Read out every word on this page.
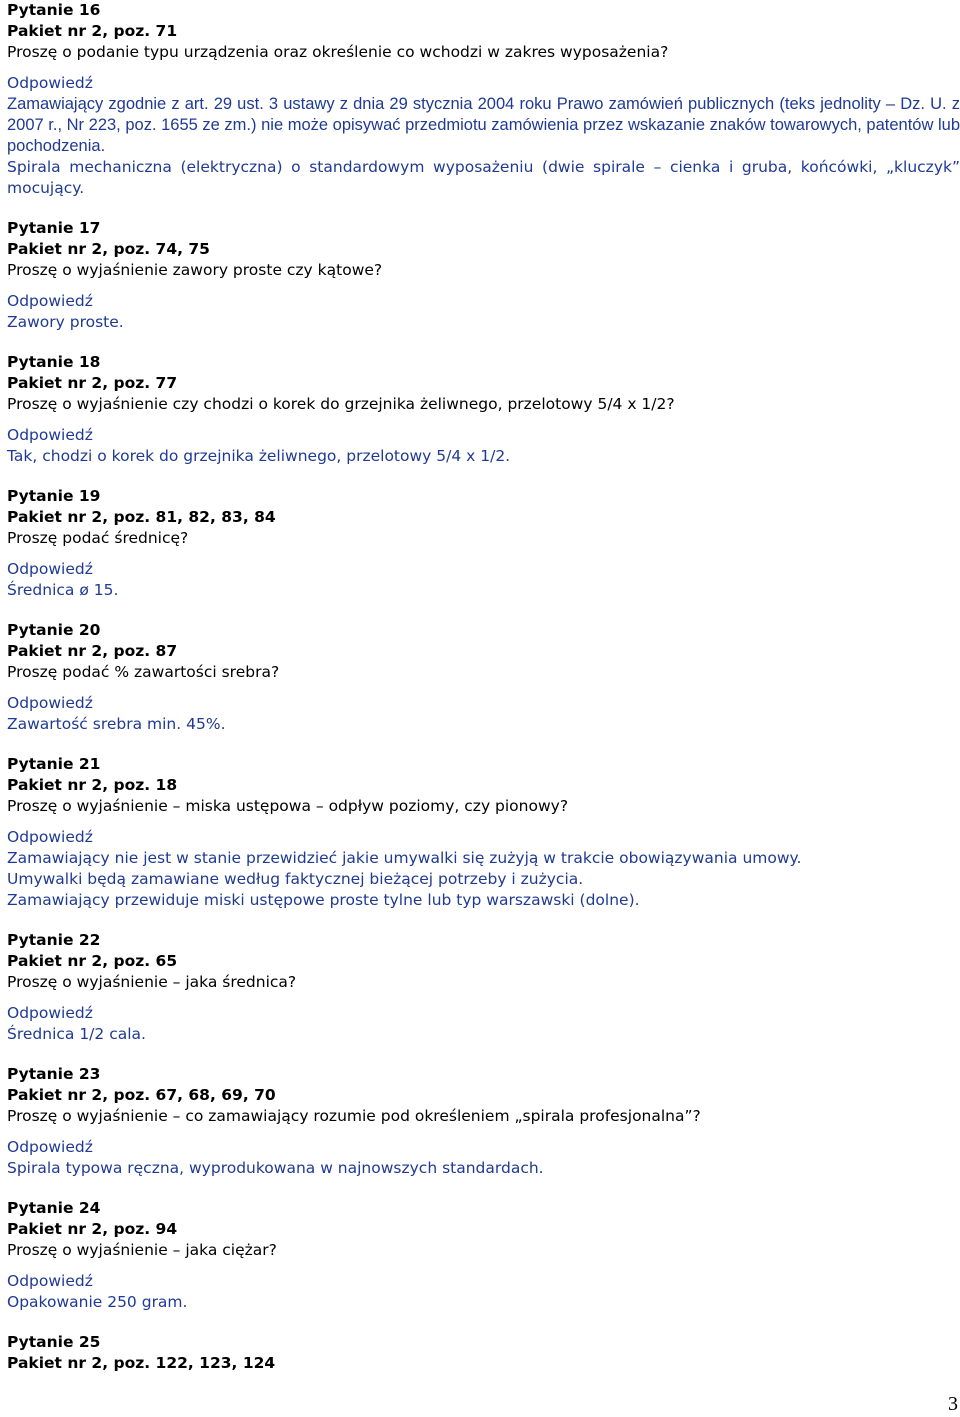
Pytanie 16
Pakiet nr 2, poz. 71
Proszę o podanie typu urządzenia oraz określenie co wchodzi w zakres wyposażenia?
Odpowiedź

Zamawiający zgodnie z art. 29 ust. 3 ustawy z dnia 29 stycznia 2004 roku Prawo zamówień publicznych (teks jednolity – Dz. U. z 2007 r., Nr 223, poz. 1655 ze zm.) nie może opisywać przedmiotu zamówienia przez wskazanie znaków towarowych, patentów lub pochodzenia.

Spirala mechaniczna (elektryczna) o standardowym wyposażeniu (dwie spirale – cienka i gruba, końcówki, „kluczyk” mocujący.

Pytanie 17
Pakiet nr 2, poz. 74, 75
Proszę o wyjaśnienie zawory proste czy kątowe?
Odpowiedź

Zawory proste.

Pytanie 18
Pakiet nr 2, poz. 77
Proszę o wyjaśnienie czy chodzi o korek do grzejnika żeliwnego, przelotowy 5/4 x 1/2?
Odpowiedź

Tak, chodzi o korek do grzejnika żeliwnego, przelotowy 5/4 x 1/2.

Pytanie 19
Pakiet nr 2, poz. 81, 82, 83, 84
Proszę podać średnicę?
Odpowiedź

Średnica ø 15.

Pytanie 20
Pakiet nr 2, poz. 87
Proszę podać % zawartości srebra?
Odpowiedź

Zawartość srebra min. 45%.

Pytanie 21
Pakiet nr 2, poz. 18
Proszę o wyjaśnienie – miska ustępowa – odpływ poziomy, czy pionowy?
Odpowiedź

Zamawiający nie jest w stanie przewidzieć jakie umywalki się zużyją w trakcie obowiązywania umowy.

Umywalki będą zamawiane według faktycznej bieżącej potrzeby i zużycia.

Zamawiający przewiduje miski ustępowe proste tylne lub typ warszawski (dolne).

Pytanie 22
Pakiet nr 2, poz. 65
Proszę o wyjaśnienie – jaka średnica?
Odpowiedź

Średnica 1/2 cala.

Pytanie 23
Pakiet nr 2, poz. 67, 68, 69, 70
Proszę o wyjaśnienie – co zamawiający rozumie pod określeniem „spirala profesjonalna”?
Odpowiedź

Spirala typowa ręczna, wyprodukowana w najnowszych standardach.

Pytanie 24
Pakiet nr 2, poz. 94
Proszę o wyjaśnienie – jaka ciężar?
Odpowiedź

Opakowanie 250 gram.

Pytanie 25
Pakiet nr 2, poz. 122, 123, 124
3
